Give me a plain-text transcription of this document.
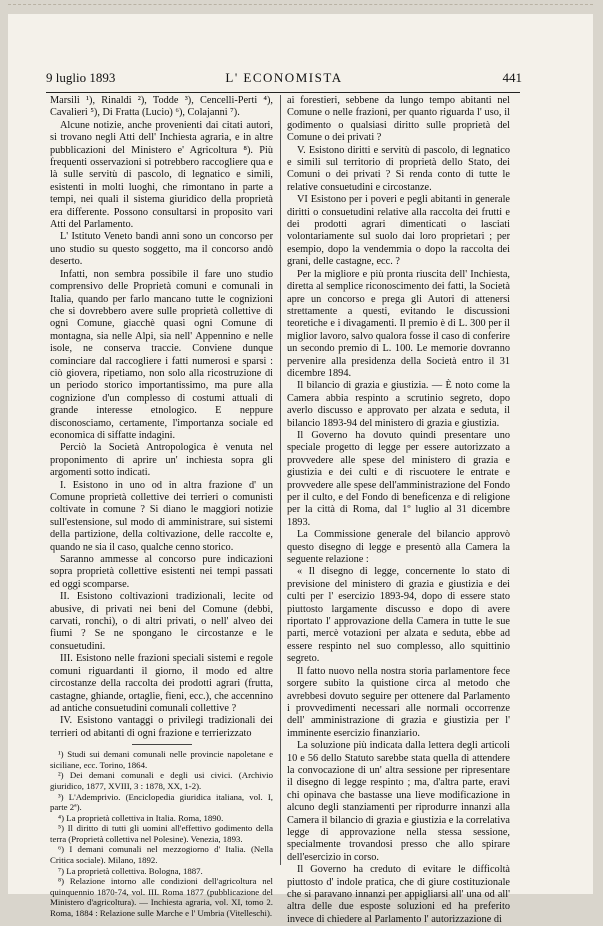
9 luglio 1893	L' ECONOMISTA	441

Marsili ¹), Rinaldi ²), Todde ³), Cencelli-Perti ⁴), Cavalieri ⁵), Di Fratta (Lucio) ⁶), Colajanni ⁷).

Alcune notizie, anche provenienti dai citati autori, si trovano negli Atti dell' Inchiesta agraria, e in altre pubblicazioni del Ministero e' Agricoltura ⁸). Più frequenti osservazioni si potrebbero raccogliere qua e là sulle servitù di pascolo, di legnatico e simili, esistenti in molti luoghi, che rimontano in parte a tempi, nei quali il sistema giuridico della proprietà era differente. Possono consultarsi in proposito vari Atti del Parlamento.

L' Istituto Veneto bandì anni sono un concorso per uno studio su questo soggetto, ma il concorso andò deserto.

Infatti, non sembra possibile il fare uno studio comprensivo delle Proprietà comuni e comunali in Italia, quando per farlo mancano tutte le cognizioni che si dovrebbero avere sulle proprietà collettive di ogni Comune, giacchè quasi ogni Comune di montagna, sia nelle Alpi, sia nell' Appennino e nelle isole, ne conserva traccie. Conviene dunque cominciare dal raccogliere i fatti numerosi e sparsi : ciò giovera, ripetiamo, non solo alla ricostruzione di un periodo storico importantissimo, ma pure alla cognizione d'un complesso di costumi attuali di grande interesse etnologico. E neppure disconosciamo, certamente, l'importanza sociale ed economica di siffatte indagini.

Perciò la Società Antropologica è venuta nel proponimento di aprire un' inchiesta sopra gli argomenti sotto indicati.

I. Esistono in uno od in altra frazione d' un Comune proprietà collettive dei terrieri o comunisti coltivate in comune ? Si diano le maggiori notizie sull'estensione, sul modo di amministrare, sui sistemi della partizione, della coltivazione, delle raccolte e, quando ne sia il caso, qualche cenno storico.

Saranno ammesse al concorso pure indicazioni sopra proprietà collettive esistenti nei tempi passati ed oggi scomparse.

II. Esistono coltivazioni tradizionali, lecite od abusive, di privati nei beni del Comune (debbi, carvati, ronchi), o di altri privati, o nell' alveo dei fiumi ? Se ne spongano le circostanze e le consuetudini.

III. Esistono nelle frazioni speciali sistemi e regole comuni riguardanti il giorno, il modo ed altre circostanze della raccolta dei prodotti agrari (frutta, castagne, ghiande, ortaglie, fieni, ecc.), che accennino ad antiche consuetudini comunali collettive ?

IV. Esistono vantaggi o privilegi tradizionali dei terrieri od abitanti di ogni frazione e terrierizzato

¹) Studi sui demani comunali nelle provincie napoletane e siciliane, ecc. Torino, 1864.

²) Dei demani comunali e degli usi civici. (Archivio giuridico, 1877, XVIII, 3 : 1878, XX, 1-2).

³) L'Ademprivio. (Enciclopedia giuridica italiana, vol. I, parte 2ª).

⁴) La proprietà collettiva in Italia. Roma, 1890.

⁵) Il diritto di tutti gli uomini all'effettivo godimento della terra (Proprietà collettiva nel Polesine). Venezia, 1893.

⁶) I demani comunali nel mezzogiorno d' Italia. (Nella Critica sociale). Milano, 1892.

⁷) La proprietà collettiva. Bologna, 1887.

⁸) Relazione intorno alle condizioni dell'agricoltura nel quinquennio 1870-74, vol. III. Roma 1877 (pubblicazione del Ministero d'agricoltura). — Inchiesta agraria, vol. XI, tomo 2. Roma, 1884 : Relazione sulle Marche e l' Umbria (Vitelleschi).

ai forestieri, sebbene da lungo tempo abitanti nel Comune o nelle frazioni, per quanto riguarda l' uso, il godimento o qualsiasi diritto sulle proprietà del Comune o dei privati ?

V. Esistono diritti e servitù di pascolo, di legnatico e simili sul territorio di proprietà dello Stato, dei Comuni o dei privati ? Si renda conto di tutte le relative consuetudini e circostanze.

VI Esistono per i poveri e pegli abitanti in generale diritti o consuetudini relative alla raccolta dei frutti e dei prodotti agrari dimenticati o lasciati volontariamente sul suolo dai loro proprietari ; per esempio, dopo la vendemmia o dopo la raccolta dei grani, delle castagne, ecc. ?

Per la migliore e più pronta riuscita dell' Inchiesta, diretta al semplice riconoscimento dei fatti, la Società apre un concorso e prega gli Autori di attenersi strettamente a questi, evitando le discussioni teoretiche e i divagamenti. Il premio è di L. 300 per il miglior lavoro, salvo qualora fosse il caso di conferire un secondo premio di L. 100. Le memorie dovranno pervenire alla presidenza della Società entro il 31 dicembre 1894.

Il bilancio di grazia e giustizia. — È noto come la Camera abbia respinto a scrutinio segreto, dopo averlo discusso e approvato per alzata e seduta, il bilancio 1893-94 del ministero di grazia e giustizia.

Il Governo ha dovuto quindi presentare uno speciale progetto di legge per essere autorizzato a provvedere alle spese del ministero di grazia e giustizia e dei culti e di riscuotere le entrate e provvedere alle spese dell'amministrazione del Fondo per il culto, e del Fondo di beneficenza e di religione per la città di Roma, dal 1º luglio al 31 dicembre 1893.

La Commissione generale del bilancio approvò questo disegno di legge e presentò alla Camera la seguente relazione :

« Il disegno di legge, concernente lo stato di previsione del ministero di grazia e giustizia e dei culti per l' esercizio 1893-94, dopo di essere stato piuttosto largamente discusso e dopo di avere riportato l' approvazione della Camera in tutte le sue parti, mercè votazioni per alzata e seduta, ebbe ad essere respinto nel suo complesso, allo squittinio segreto.

Il fatto nuovo nella nostra storia parlamentore fece sorgere subito la quistione circa al metodo che avrebbesi dovuto seguire per ottenere dal Parlamento i provvedimenti necessari alle normali occorrenze dell' amministrazione di grazia e giustizia per l' imminente esercizio finanziario.

La soluzione più indicata dalla lettera degli articoli 10 e 56 dello Statuto sarebbe stata quella di attendere la convocazione di un' altra sessione per ripresentare il disegno di legge respinto ; ma, d'altra parte, eravi chi opinava che bastasse una lieve modificazione in alcuno degli stanziamenti per riprodurre innanzi alla Camera il bilancio di grazia e giustizia e la correlativa legge di approvazione nella stessa sessione, specialmente trovandosi presso che allo spirare dell'esercizio in corso.

Il Governo ha creduto di evitare le difficoltà piuttosto d' indole pratica, che di giure costituzionale che si paravano innanzi per appigliarsi all' una od all' altra delle due esposte soluzioni ed ha preferito invece di chiedere al Parlamento l' autorizzazione di
